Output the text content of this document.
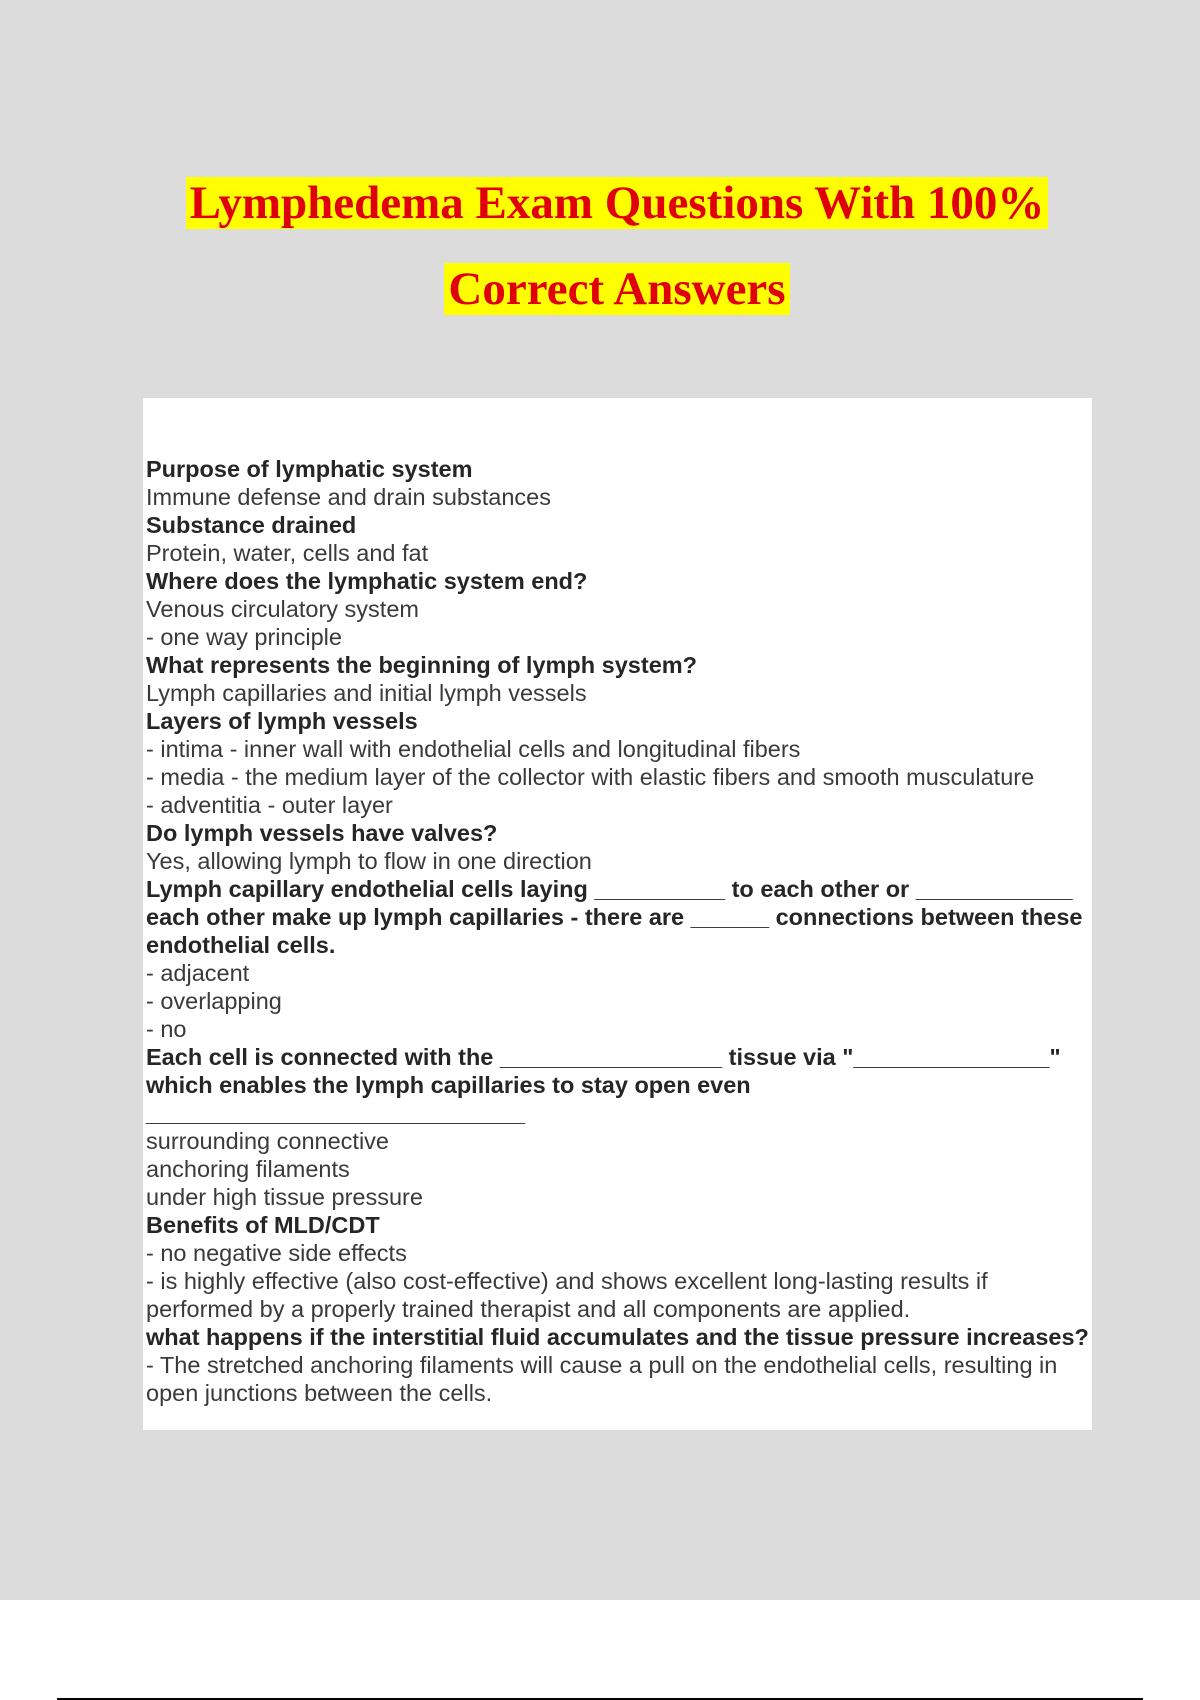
Lymphedema Exam Questions With 100%
Correct Answers
Purpose of lymphatic system
Immune defense and drain substances
Substance drained
Protein, water, cells and fat
Where does the lymphatic system end?
Venous circulatory system
- one way principle
What represents the beginning of lymph system?
Lymph capillaries and initial lymph vessels
Layers of lymph vessels
- intima - inner wall with endothelial cells and longitudinal fibers
- media - the medium layer of the collector with elastic fibers and smooth musculature
- adventitia - outer layer
Do lymph vessels have valves?
Yes, allowing lymph to flow in one direction
Lymph capillary endothelial cells laying __________ to each other or ____________ each other make up lymph capillaries - there are ______ connections between these endothelial cells.
- adjacent
- overlapping
- no
Each cell is connected with the _________________ tissue via "_______________" which enables the lymph capillaries to stay open even _____________________________
surrounding connective
anchoring filaments
under high tissue pressure
Benefits of MLD/CDT
- no negative side effects
- is highly effective (also cost-effective) and shows excellent long-lasting results if performed by a properly trained therapist and all components are applied.
what happens if the interstitial fluid accumulates and the tissue pressure increases?
- The stretched anchoring filaments will cause a pull on the endothelial cells, resulting in open junctions between the cells.
